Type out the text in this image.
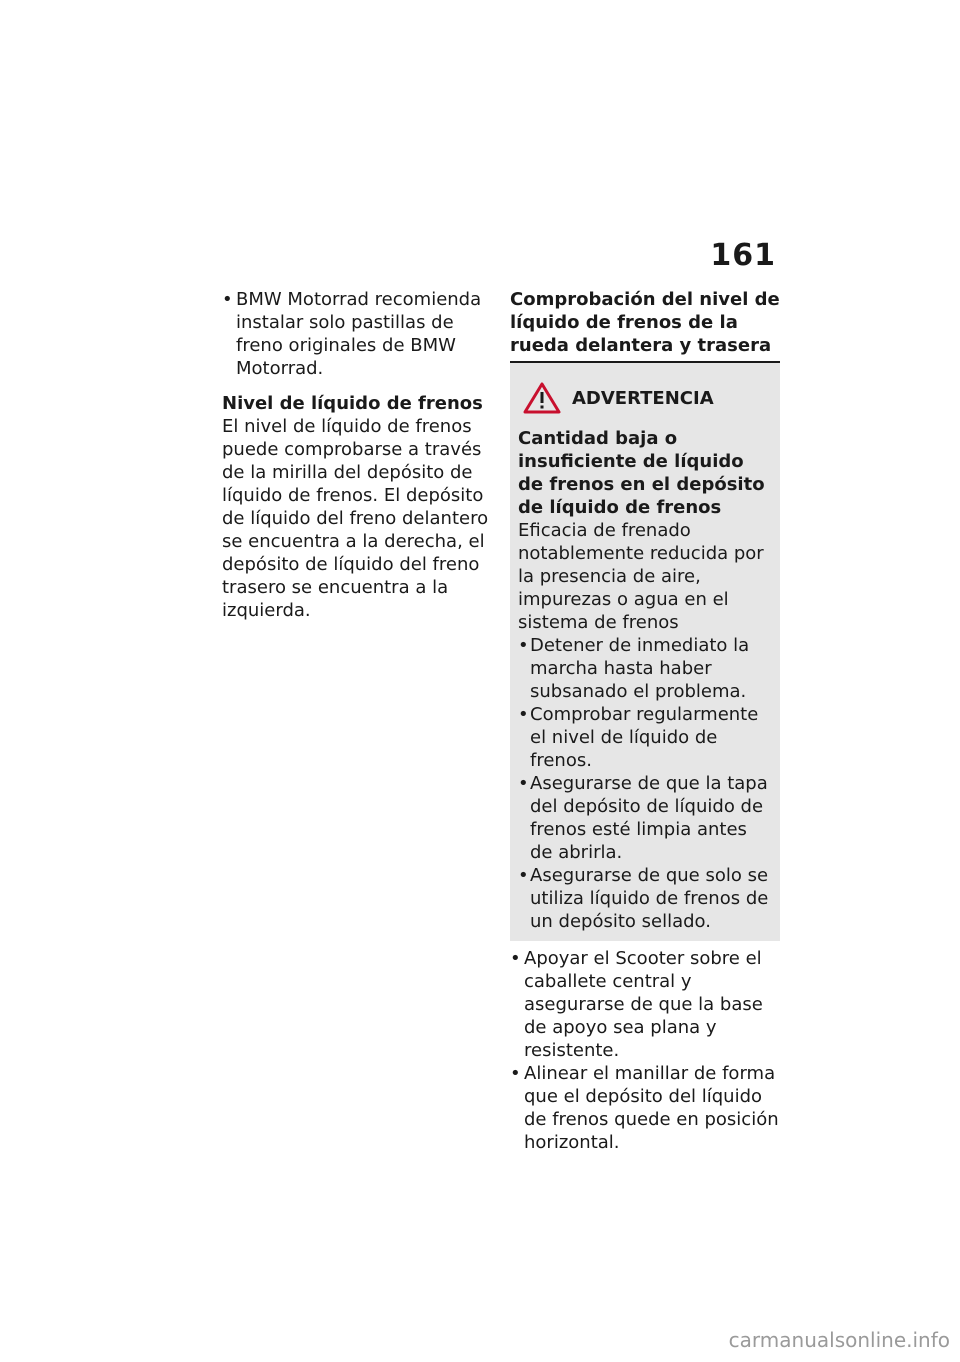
161
• BMW Motorrad recomienda instalar solo pastillas de freno originales de BMW Motorrad.

Nivel de líquido de frenos

El nivel de líquido de frenos puede comprobarse a través de la mirilla del depósito de líquido de frenos. El depósito de líquido del freno delantero se encuentra a la derecha, el depósito de líquido del freno trasero se encuentra a la izquierda.

Comprobación del nivel de líquido de frenos de la rueda delantera y trasera

ADVERTENCIA

Cantidad baja o insuficiente de líquido de frenos en el depósito de líquido de frenos

Eficacia de frenado notablemente reducida por la presencia de aire, impurezas o agua en el sistema de frenos

• Detener de inmediato la marcha hasta haber subsanado el problema.
• Comprobar regularmente el nivel de líquido de frenos.
• Asegurarse de que la tapa del depósito de líquido de frenos esté limpia antes de abrirla.
• Asegurarse de que solo se utiliza líquido de frenos de un depósito sellado.
• Apoyar el Scooter sobre el caballete central y asegurarse de que la base de apoyo sea plana y resistente.
• Alinear el manillar de forma que el depósito del líquido de frenos quede en posición horizontal.
carmanualsonline.info
